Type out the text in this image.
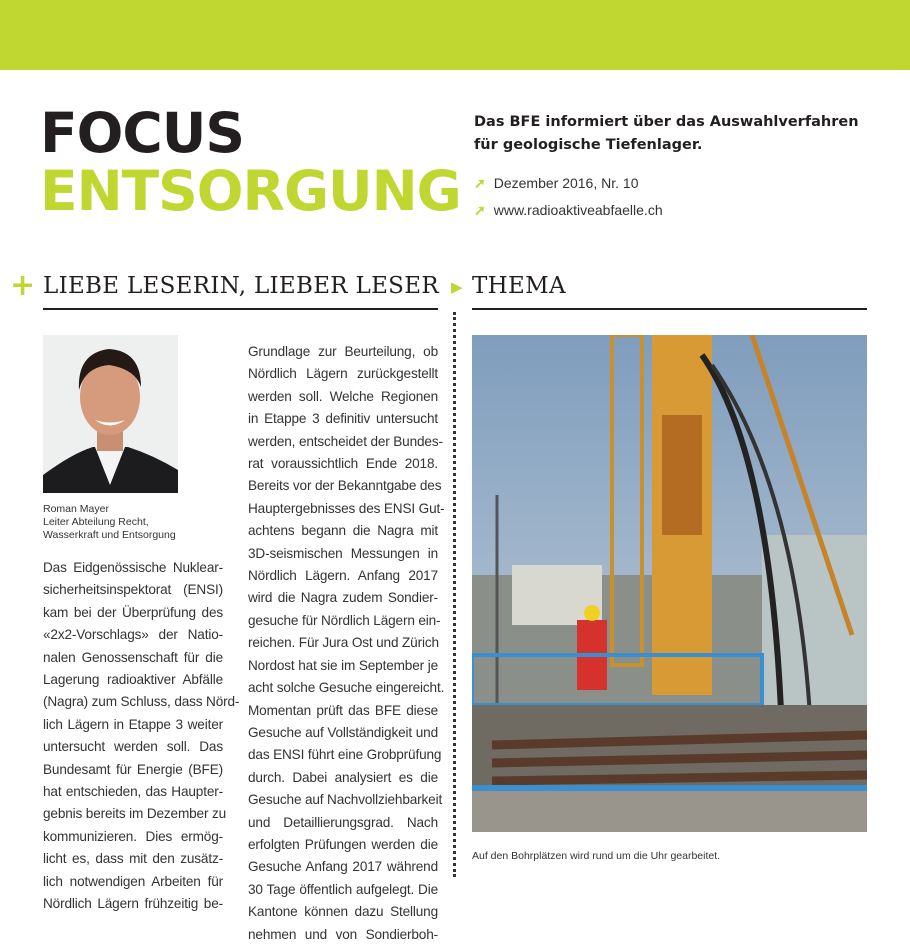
FOCUS
ENTSORGUNG
Das BFE informiert über das Auswahlverfahren
für geologische Tiefenlager.
➚ Dezember 2016, Nr. 10
➚ www.radioaktiveabfaelle.ch
+ LIEBE LESERIN, LIEBER LESER ▶ THEMA
Roman Mayer
Leiter Abteilung Recht,
Wasserkraft und Entsorgung
Das Eidgenössische Nuklear-
sicherheitsinspektorat (ENSI)
kam bei der Überprüfung des
«2x2-Vorschlags» der Natio-
nalen Genossenschaft für die
Lagerung radioaktiver Abfälle
(Nagra) zum Schluss, dass Nörd-
lich Lägern in Etappe 3 weiter
untersucht werden soll. Das
Bundesamt für Energie (BFE)
hat entschieden, das Haupter-
gebnis bereits im Dezember zu
kommunizieren. Dies ermög-
licht es, dass mit den zusätz-
lich notwendigen Arbeiten für
Nördlich Lägern frühzeitig be-
Grundlage zur Beurteilung, ob
Nördlich Lägern zurückgestellt
werden soll. Welche Regionen
in Etappe 3 definitiv untersucht
werden, entscheidet der Bundes-
rat voraussichtlich Ende 2018.
Bereits vor der Bekanntgabe des
Hauptergebnisses des ENSI Gut-
achtens begann die Nagra mit
3D-seismischen Messungen in
Nördlich Lägern. Anfang 2017
wird die Nagra zudem Sondier-
gesuche für Nördlich Lägern ein-
reichen. Für Jura Ost und Zürich
Nordost hat sie im September je
acht solche Gesuche eingereicht.
Momentan prüft das BFE diese
Gesuche auf Vollständigkeit und
das ENSI führt eine Grobprüfung
durch. Dabei analysiert es die
Gesuche auf Nachvollziehbarkeit
und Detaillierungsgrad. Nach
erfolgten Prüfungen werden die
Gesuche Anfang 2017 während
30 Tage öffentlich aufgelegt. Die
Kantone können dazu Stellung
nehmen und von Sondierboh-
Auf den Bohrplätzen wird rund um die Uhr gearbeitet.
